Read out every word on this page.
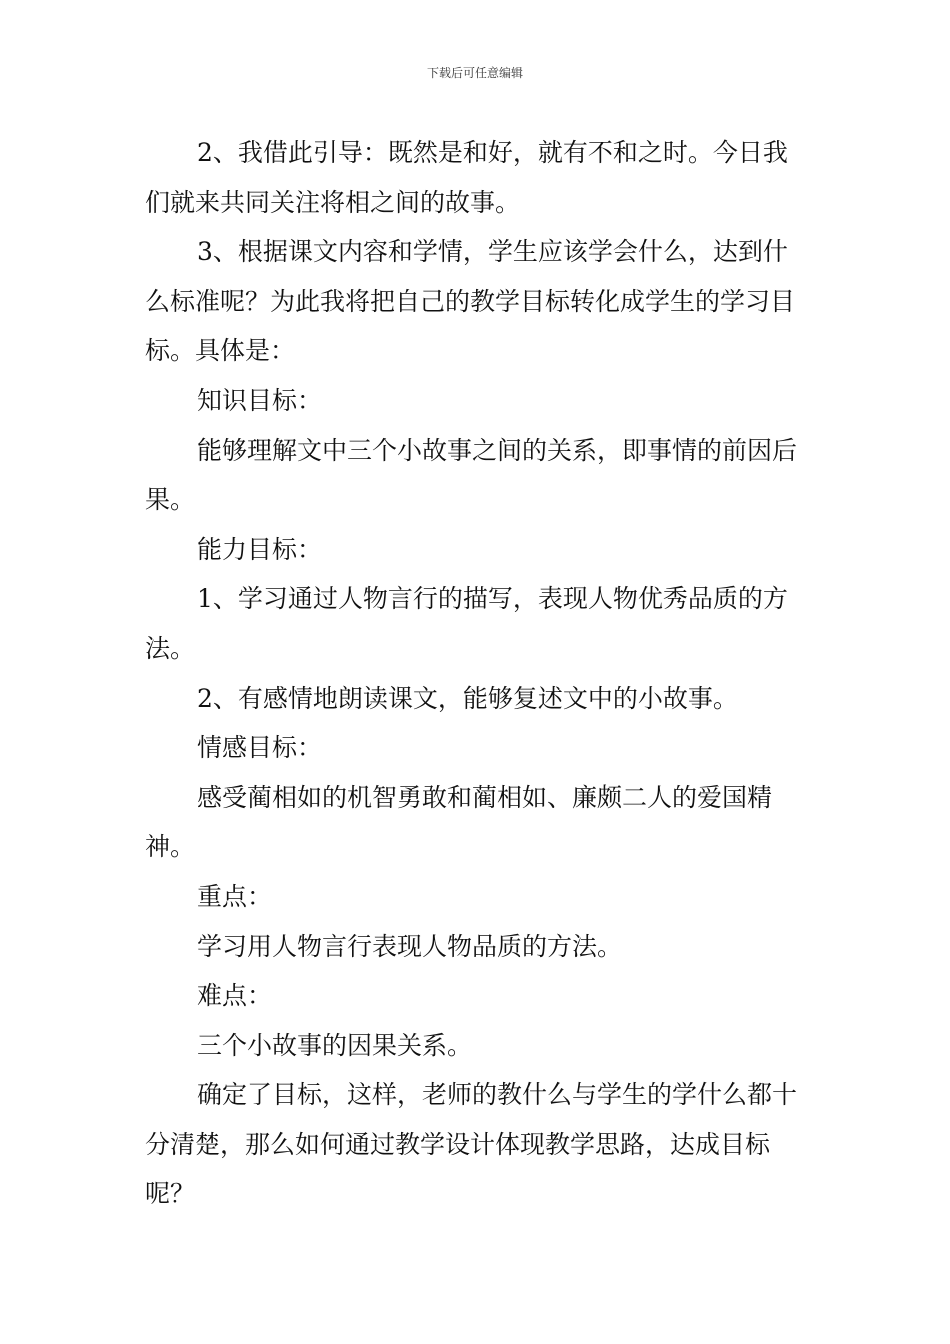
下载后可任意编辑

2、我借此引导：既然是和好，就有不和之时。今日我们就来共同关注将相之间的故事。

3、根据课文内容和学情，学生应该学会什么，达到什么标准呢？为此我将把自己的教学目标转化成学生的学习目标。具体是：

知识目标：

能够理解文中三个小故事之间的关系，即事情的前因后果。

能力目标：

1、学习通过人物言行的描写，表现人物优秀品质的方法。

2、有感情地朗读课文，能够复述文中的小故事。

情感目标：

感受蔺相如的机智勇敢和蔺相如、廉颇二人的爱国精神。

重点：

学习用人物言行表现人物品质的方法。

难点：

三个小故事的因果关系。

确定了目标，这样，老师的教什么与学生的学什么都十分清楚，那么如何通过教学设计体现教学思路，达成目标呢？
